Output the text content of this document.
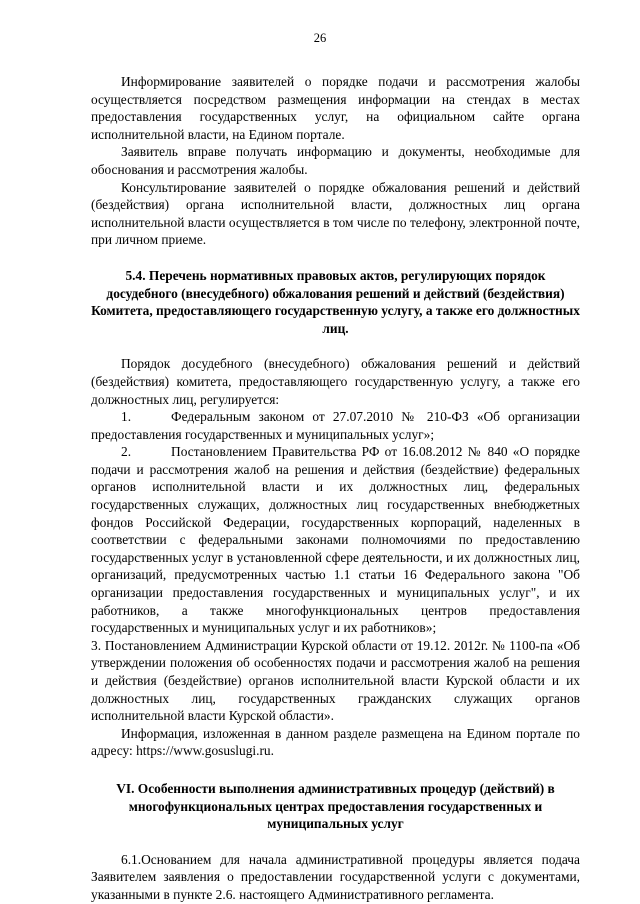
26

Информирование заявителей о порядке подачи и рассмотрения жалобы осуществляется посредством размещения информации на стендах в местах предоставления государственных услуг, на официальном сайте органа исполнительной власти, на Едином портале.

Заявитель вправе получать информацию и документы, необходимые для обоснования и рассмотрения жалобы.

Консультирование заявителей о порядке обжалования решений и действий (бездействия) органа исполнительной власти, должностных лиц органа исполнительной власти осуществляется в том числе по телефону, электронной почте, при личном приеме.

5.4. Перечень нормативных правовых актов, регулирующих порядок досудебного (внесудебного) обжалования решений и действий (бездействия) Комитета, предоставляющего государственную услугу, а также его должностных лиц.

Порядок досудебного (внесудебного) обжалования решений и действий (бездействия) комитета, предоставляющего государственную услугу, а также его должностных лиц, регулируется:

1.	Федеральным законом от 27.07.2010 № 210-ФЗ «Об организации предоставления государственных и муниципальных услуг»;

2.	Постановлением Правительства РФ от 16.08.2012 № 840 «О порядке подачи и рассмотрения жалоб на решения и действия (бездействие) федеральных органов исполнительной власти и их должностных лиц, федеральных государственных служащих, должностных лиц государственных внебюджетных фондов Российской Федерации, государственных корпораций, наделенных в соответствии с федеральными законами полномочиями по предоставлению государственных услуг в установленной сфере деятельности, и их должностных лиц, организаций, предусмотренных частью 1.1 статьи 16 Федерального закона "Об организации предоставления государственных и муниципальных услуг", и их работников, а также многофункциональных центров предоставления государственных и муниципальных услуг и их работников»;

3. Постановлением Администрации Курской области от 19.12. 2012г. № 1100-па «Об утверждении положения об особенностях подачи и рассмотрения жалоб на решения и действия (бездействие) органов исполнительной власти Курской области и их должностных лиц, государственных гражданских служащих органов исполнительной власти Курской области».

Информация, изложенная в данном разделе размещена на Едином портале по адресу: https://www.gosuslugi.ru.

VI. Особенности выполнения административных процедур (действий) в многофункциональных центрах предоставления государственных и муниципальных услуг

6.1.Основанием для начала административной процедуры является подача Заявителем заявления о предоставлении государственной услуги с документами, указанными в пункте 2.6. настоящего Административного регламента.
